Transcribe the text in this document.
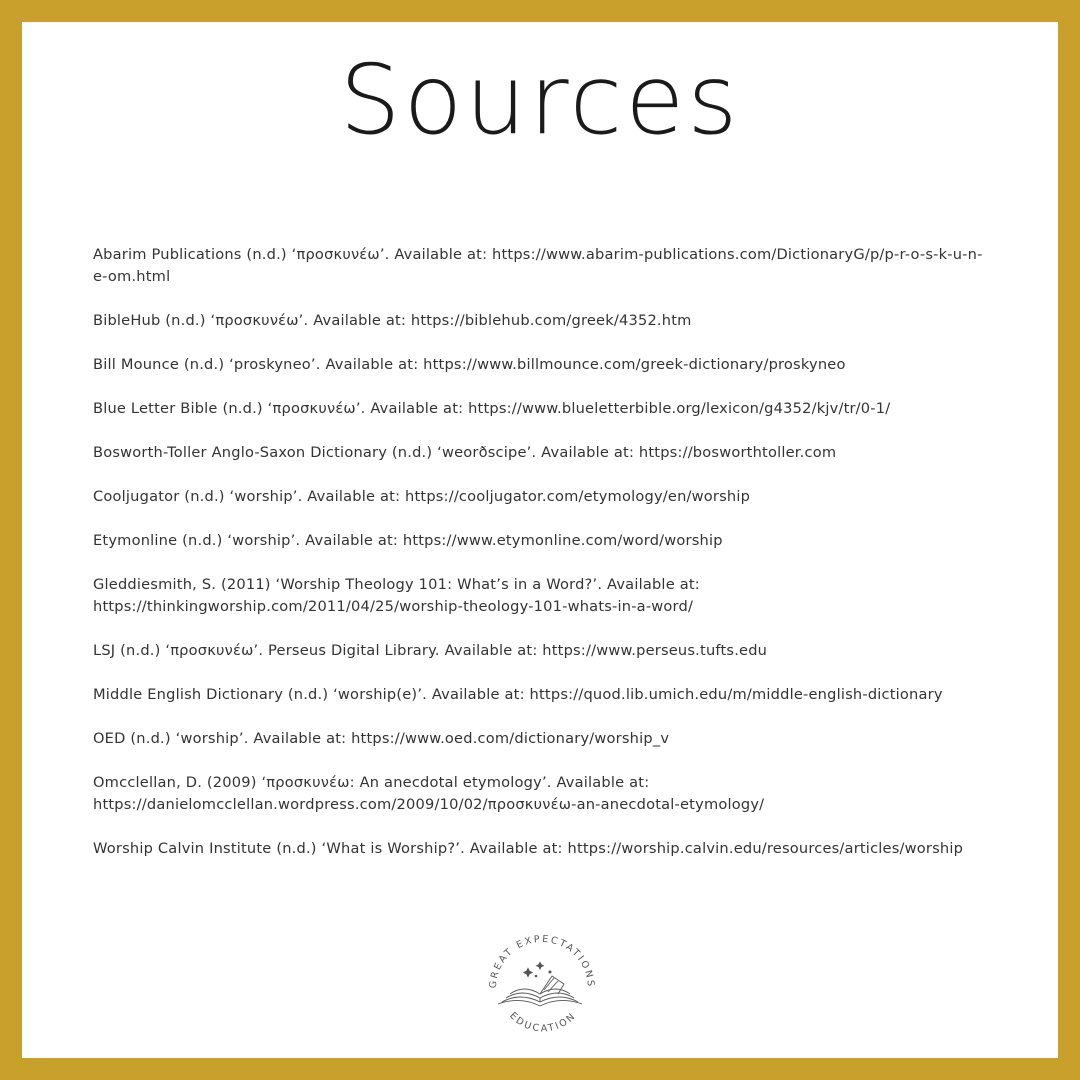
Sources
Abarim Publications (n.d.) ‘προσκυνέω’. Available at: https://www.abarim-publications.com/DictionaryG/p/p-r-o-s-k-u-n-e-om.html
BibleHub (n.d.) ‘προσκυνέω’. Available at: https://biblehub.com/greek/4352.htm
Bill Mounce (n.d.) ‘proskyneo’. Available at: https://www.billmounce.com/greek-dictionary/proskyneo
Blue Letter Bible (n.d.) ‘προσκυνέω’. Available at: https://www.blueletterbible.org/lexicon/g4352/kjv/tr/0-1/
Bosworth-Toller Anglo-Saxon Dictionary (n.d.) ‘weorðscipe’. Available at: https://bosworthtoller.com
Cooljugator (n.d.) ‘worship’. Available at: https://cooljugator.com/etymology/en/worship
Etymonline (n.d.) ‘worship’. Available at: https://www.etymonline.com/word/worship
Gleddiesmith, S. (2011) ‘Worship Theology 101: What’s in a Word?’. Available at: https://thinkingworship.com/2011/04/25/worship-theology-101-whats-in-a-word/
LSJ (n.d.) ‘προσκυνέω’. Perseus Digital Library. Available at: https://www.perseus.tufts.edu
Middle English Dictionary (n.d.) ‘worship(e)’. Available at: https://quod.lib.umich.edu/m/middle-english-dictionary
OED (n.d.) ‘worship’. Available at: https://www.oed.com/dictionary/worship_v
Omcclellan, D. (2009) ‘προσκυνέω: An anecdotal etymology’. Available at: https://danielomcclellan.wordpress.com/2009/10/02/προσκυνέω-an-anecdotal-etymology/
Worship Calvin Institute (n.d.) ‘What is Worship?’. Available at: https://worship.calvin.edu/resources/articles/worship
GREAT EXPECTATIONS
EDUCATION
